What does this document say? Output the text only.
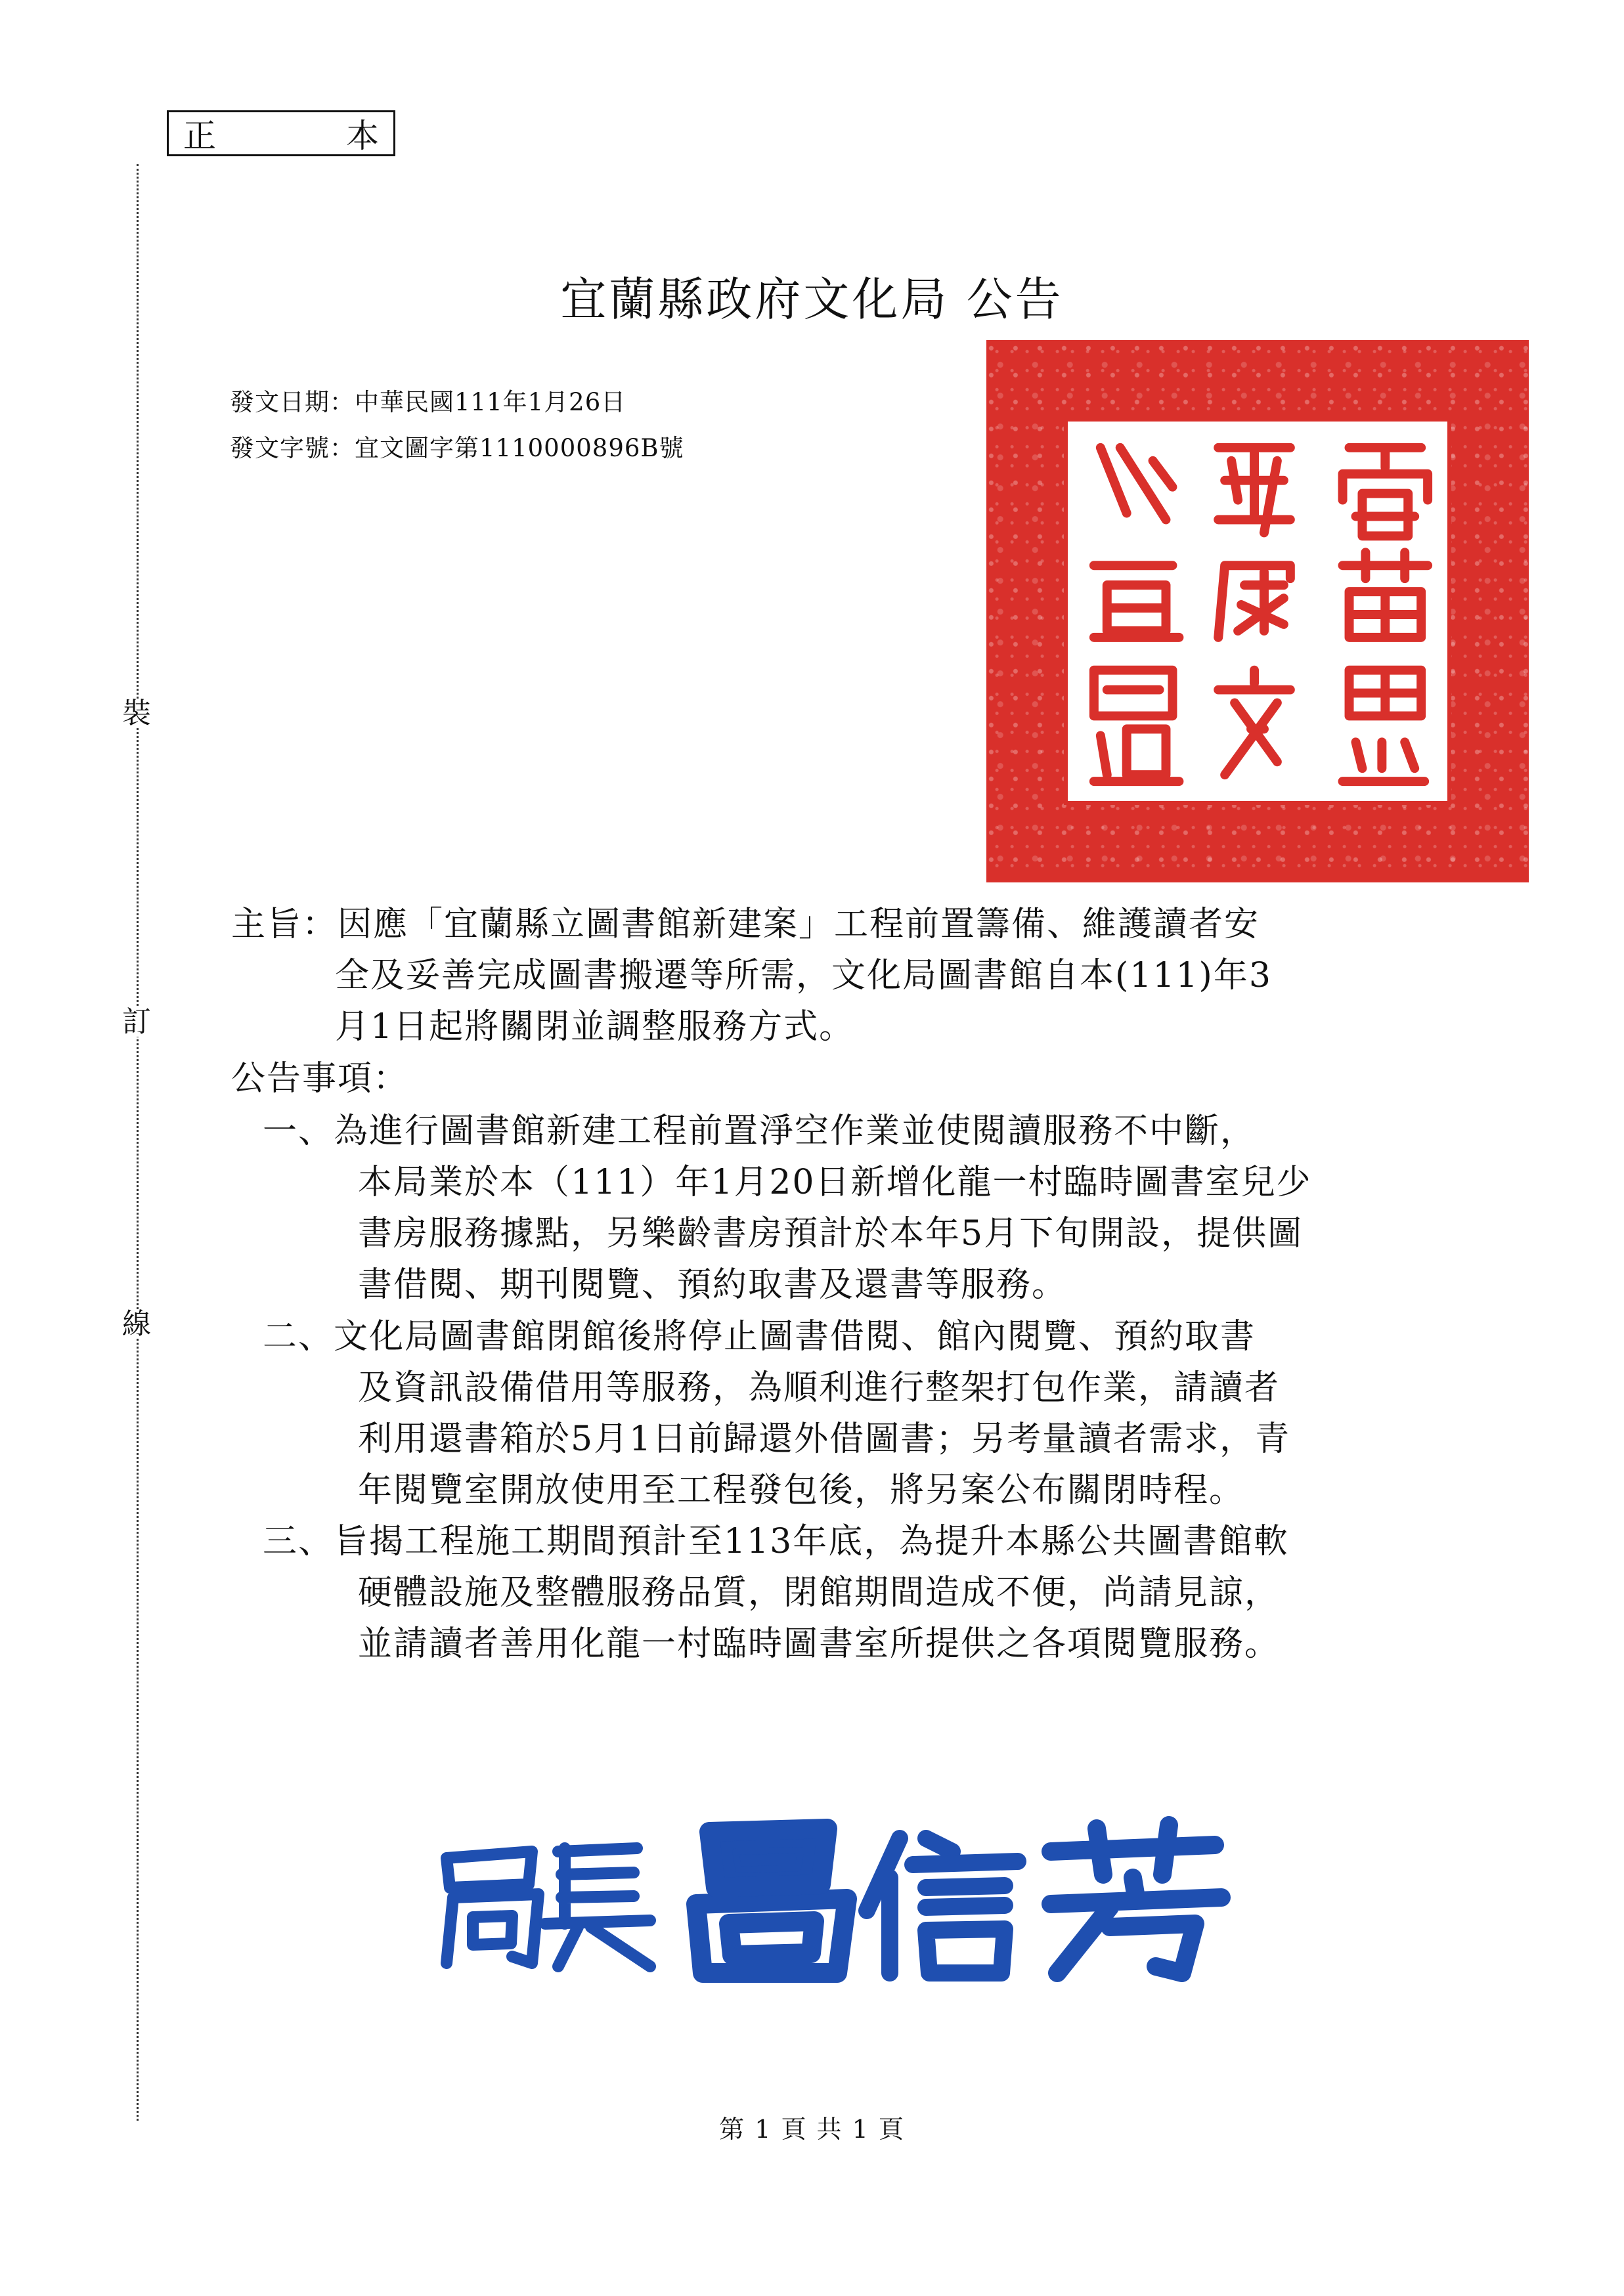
正	本
裝
訂
線
宜蘭縣政府文化局 公告
發文日期：中華民國111年1月26日
發文字號：宜文圖字第1110000896B號
主旨：因應「宜蘭縣立圖書館新建案」工程前置籌備、維護讀者安
全及妥善完成圖書搬遷等所需，文化局圖書館自本(111)年3
月1日起將關閉並調整服務方式。
公告事項：
一、為進行圖書館新建工程前置淨空作業並使閱讀服務不中斷，
本局業於本（111）年1月20日新增化龍一村臨時圖書室兒少
書房服務據點，另樂齡書房預計於本年5月下旬開設，提供圖
書借閱、期刊閱覽、預約取書及還書等服務。
二、文化局圖書館閉館後將停止圖書借閱、館內閱覽、預約取書
及資訊設備借用等服務，為順利進行整架打包作業，請讀者
利用還書箱於5月1日前歸還外借圖書；另考量讀者需求，青
年閱覽室開放使用至工程發包後，將另案公布關閉時程。
三、旨揭工程施工期間預計至113年底，為提升本縣公共圖書館軟
硬體設施及整體服務品質，閉館期間造成不便，尚請見諒，
並請讀者善用化龍一村臨時圖書室所提供之各項閱覽服務。
第 1 頁 共 1 頁
